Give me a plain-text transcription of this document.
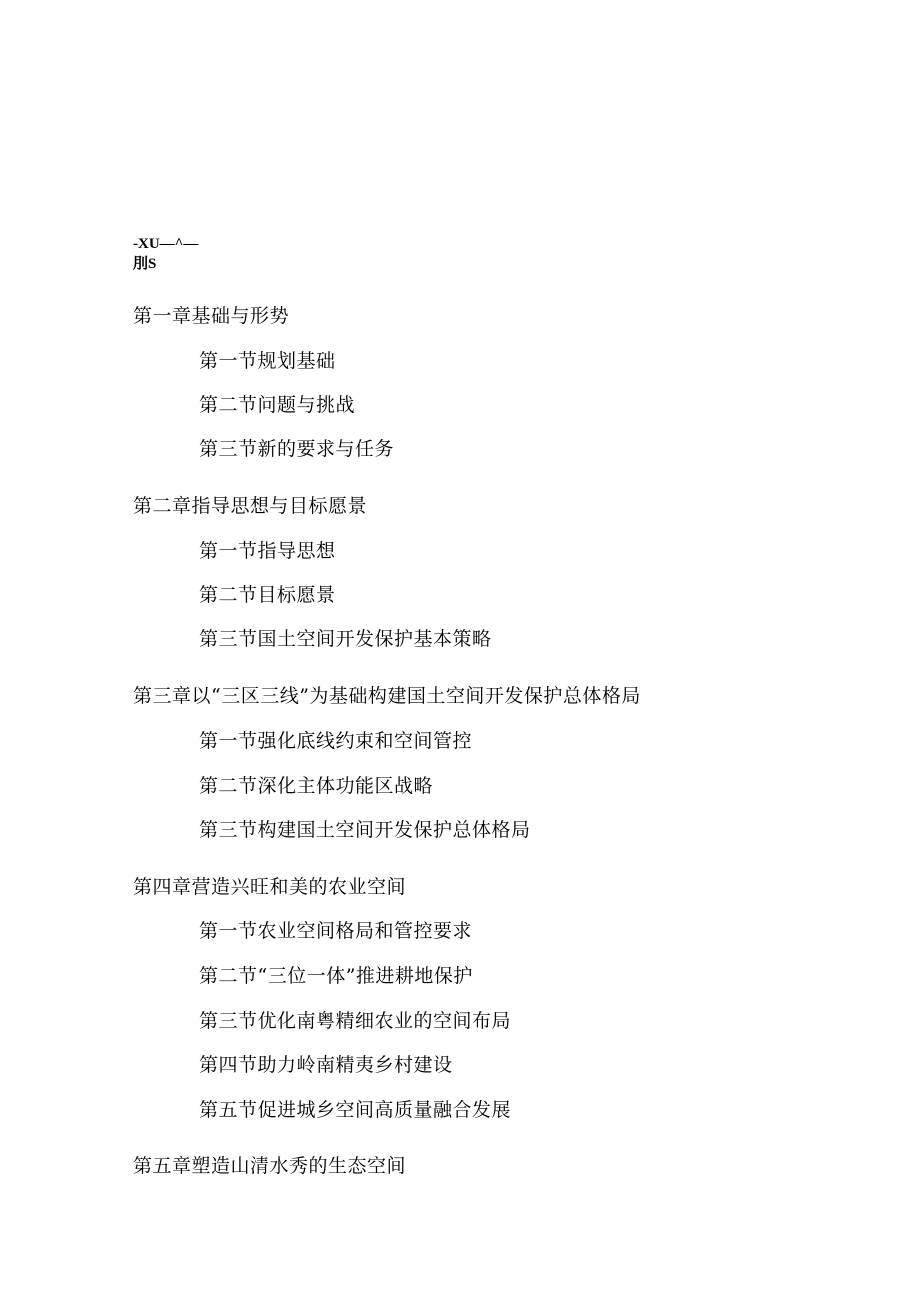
-XU—^—
刖S
第一章基础与形势
第一节规划基础
第二节问题与挑战
第三节新的要求与任务
第二章指导思想与目标愿景
第一节指导思想
第二节目标愿景
第三节国土空间开发保护基本策略
第三章以“三区三线”为基础构建国土空间开发保护总体格局
第一节强化底线约束和空间管控
第二节深化主体功能区战略
第三节构建国土空间开发保护总体格局
第四章营造兴旺和美的农业空间
第一节农业空间格局和管控要求
第二节“三位一体”推进耕地保护
第三节优化南粤精细农业的空间布局
第四节助力岭南精夷乡村建设
第五节促进城乡空间高质量融合发展
第五章塑造山清水秀的生态空间
